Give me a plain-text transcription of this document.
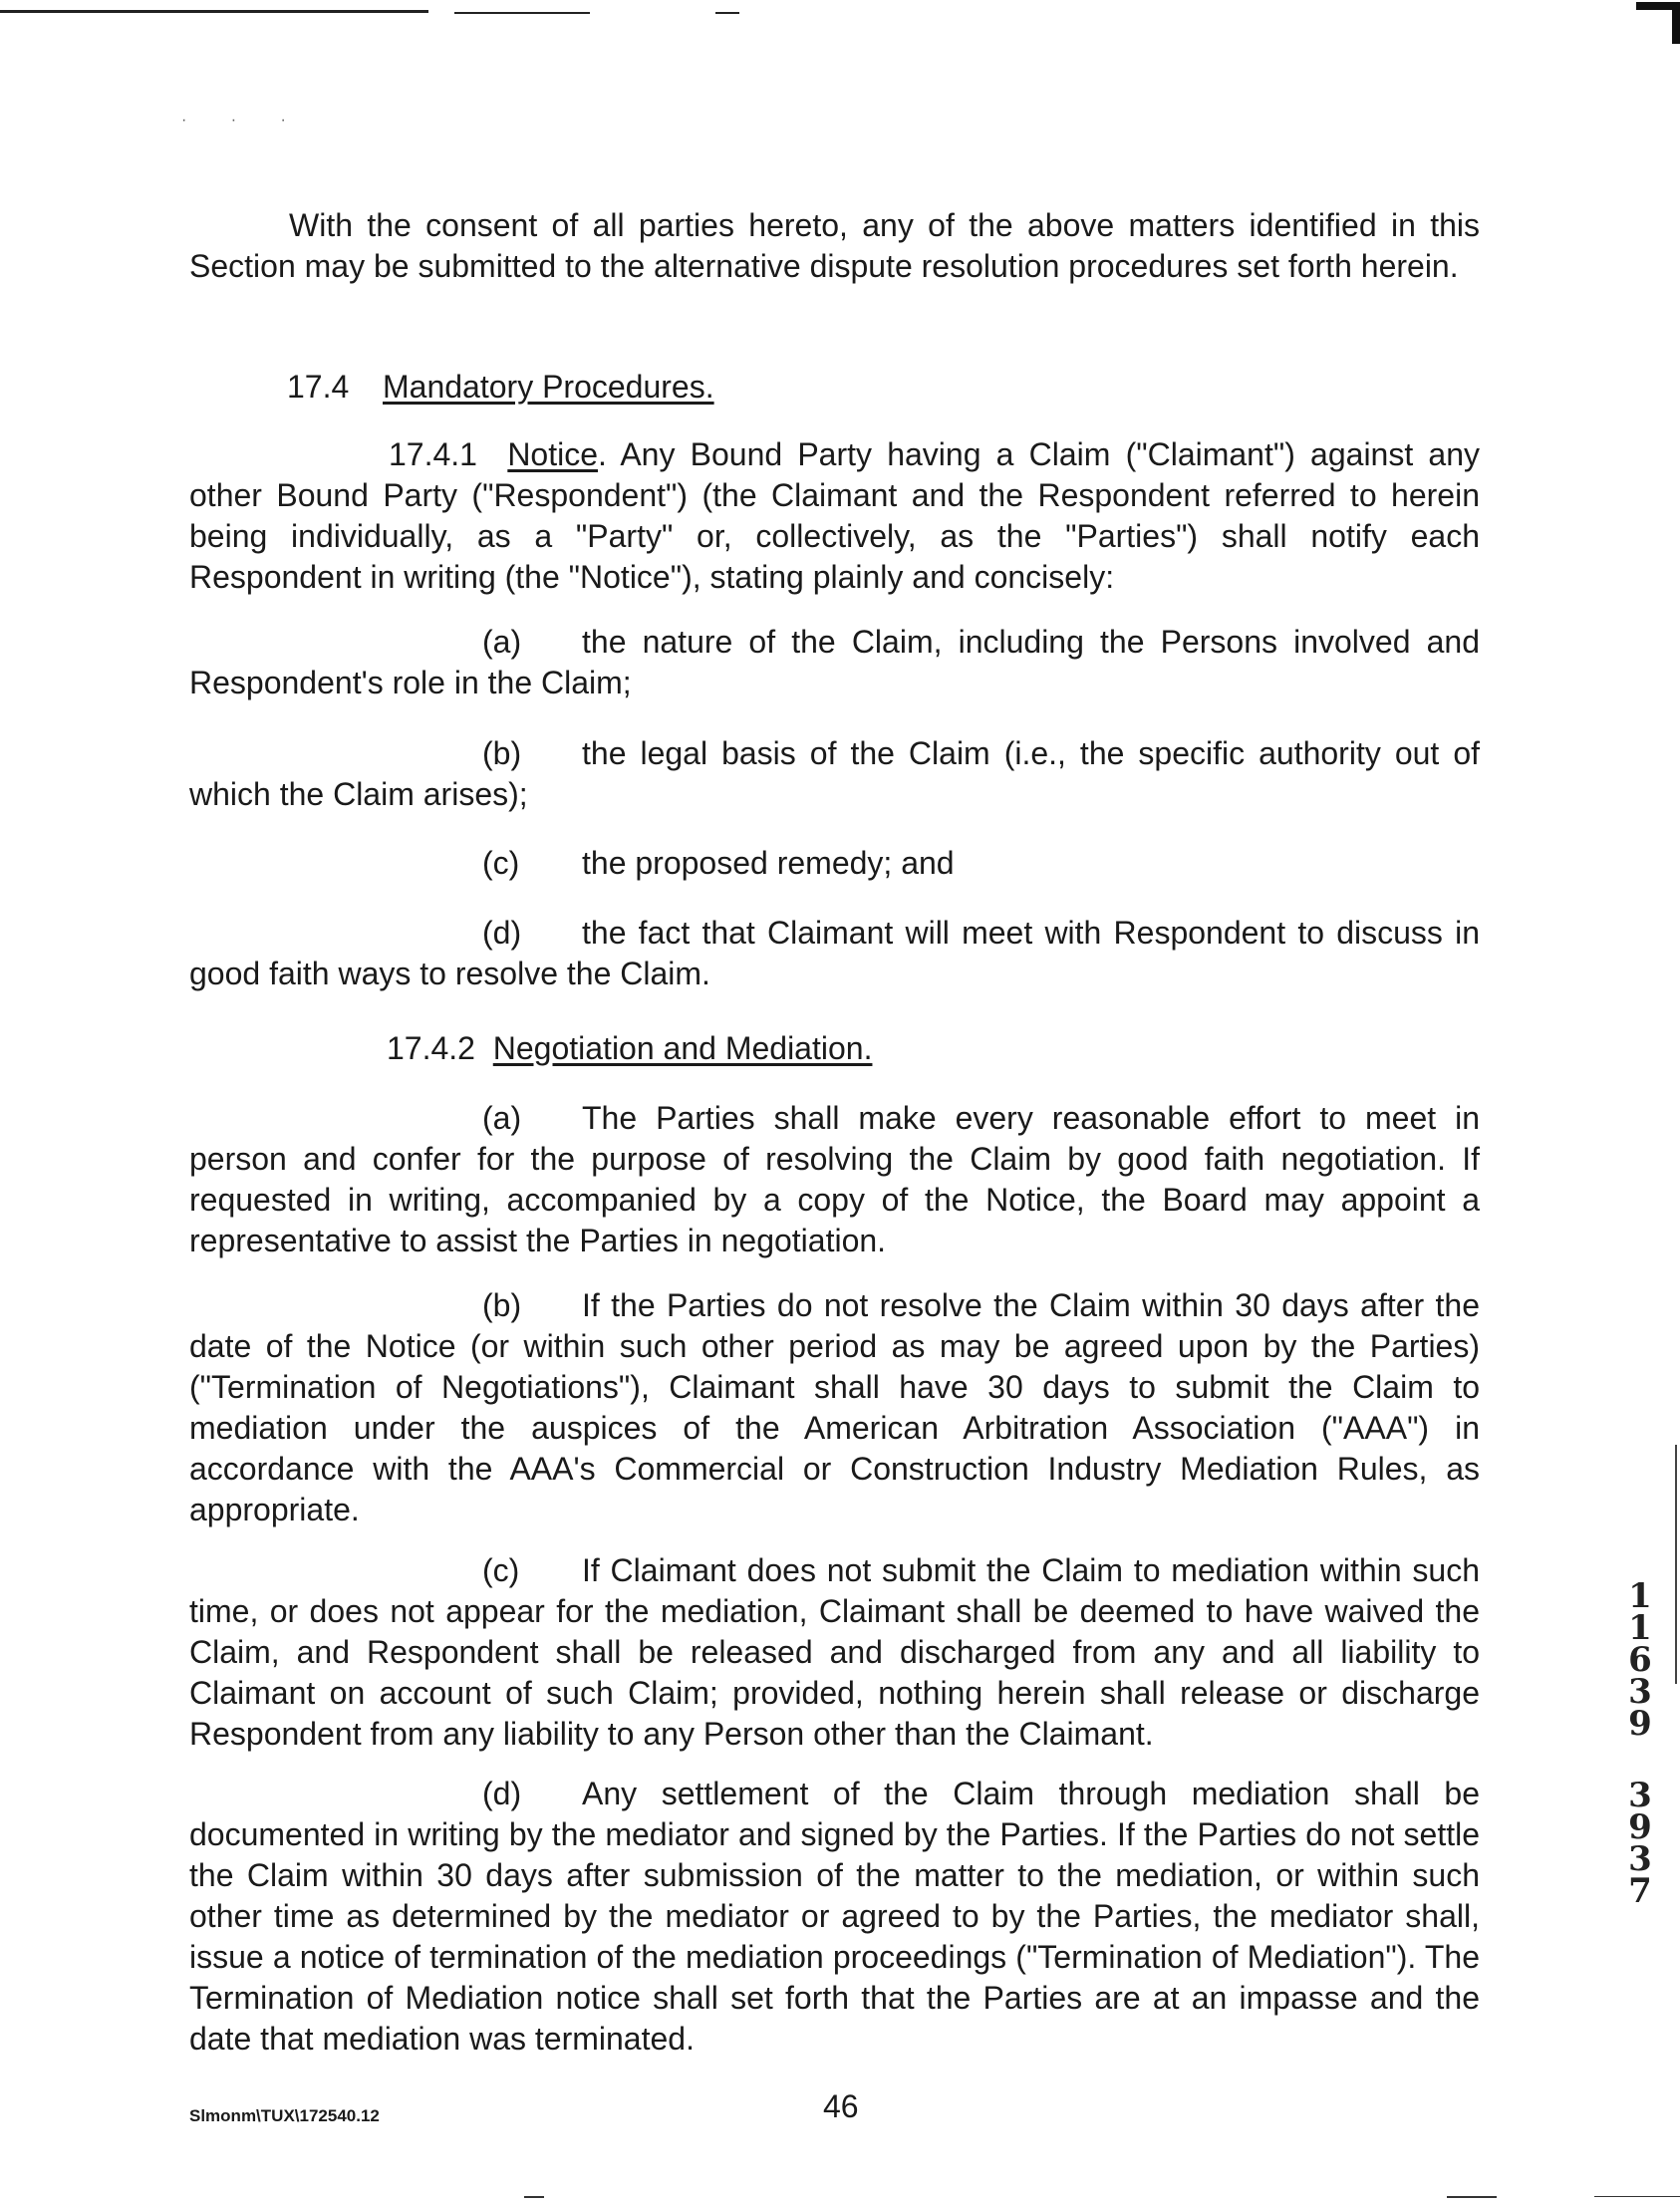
· · ·

With the consent of all parties hereto, any of the above matters identified in this Section may be submitted to the alternative dispute resolution procedures set forth herein.

17.4 Mandatory Procedures.

17.4.1 Notice. Any Bound Party having a Claim ("Claimant") against any other Bound Party ("Respondent") (the Claimant and the Respondent referred to herein being individually, as a "Party" or, collectively, as the "Parties") shall notify each Respondent in writing (the "Notice"), stating plainly and concisely:

(a) the nature of the Claim, including the Persons involved and Respondent's role in the Claim;

(b) the legal basis of the Claim (i.e., the specific authority out of which the Claim arises);

(c) the proposed remedy; and

(d) the fact that Claimant will meet with Respondent to discuss in good faith ways to resolve the Claim.

17.4.2 Negotiation and Mediation.

(a) The Parties shall make every reasonable effort to meet in person and confer for the purpose of resolving the Claim by good faith negotiation. If requested in writing, accompanied by a copy of the Notice, the Board may appoint a representative to assist the Parties in negotiation.

(b) If the Parties do not resolve the Claim within 30 days after the date of the Notice (or within such other period as may be agreed upon by the Parties) ("Termination of Negotiations"), Claimant shall have 30 days to submit the Claim to mediation under the auspices of the American Arbitration Association ("AAA") in accordance with the AAA's Commercial or Construction Industry Mediation Rules, as appropriate.

(c) If Claimant does not submit the Claim to mediation within such time, or does not appear for the mediation, Claimant shall be deemed to have waived the Claim, and Respondent shall be released and discharged from any and all liability to Claimant on account of such Claim; provided, nothing herein shall release or discharge Respondent from any liability to any Person other than the Claimant.

(d) Any settlement of the Claim through mediation shall be documented in writing by the mediator and signed by the Parties. If the Parties do not settle the Claim within 30 days after submission of the matter to the mediation, or within such other time as determined by the mediator or agreed to by the Parties, the mediator shall, issue a notice of termination of the mediation proceedings ("Termination of Mediation"). The Termination of Mediation notice shall set forth that the Parties are at an impasse and the date that mediation was terminated.

1
1
6
3
9
3
9
3
7
Slmonm\TUX\172540.12	46
